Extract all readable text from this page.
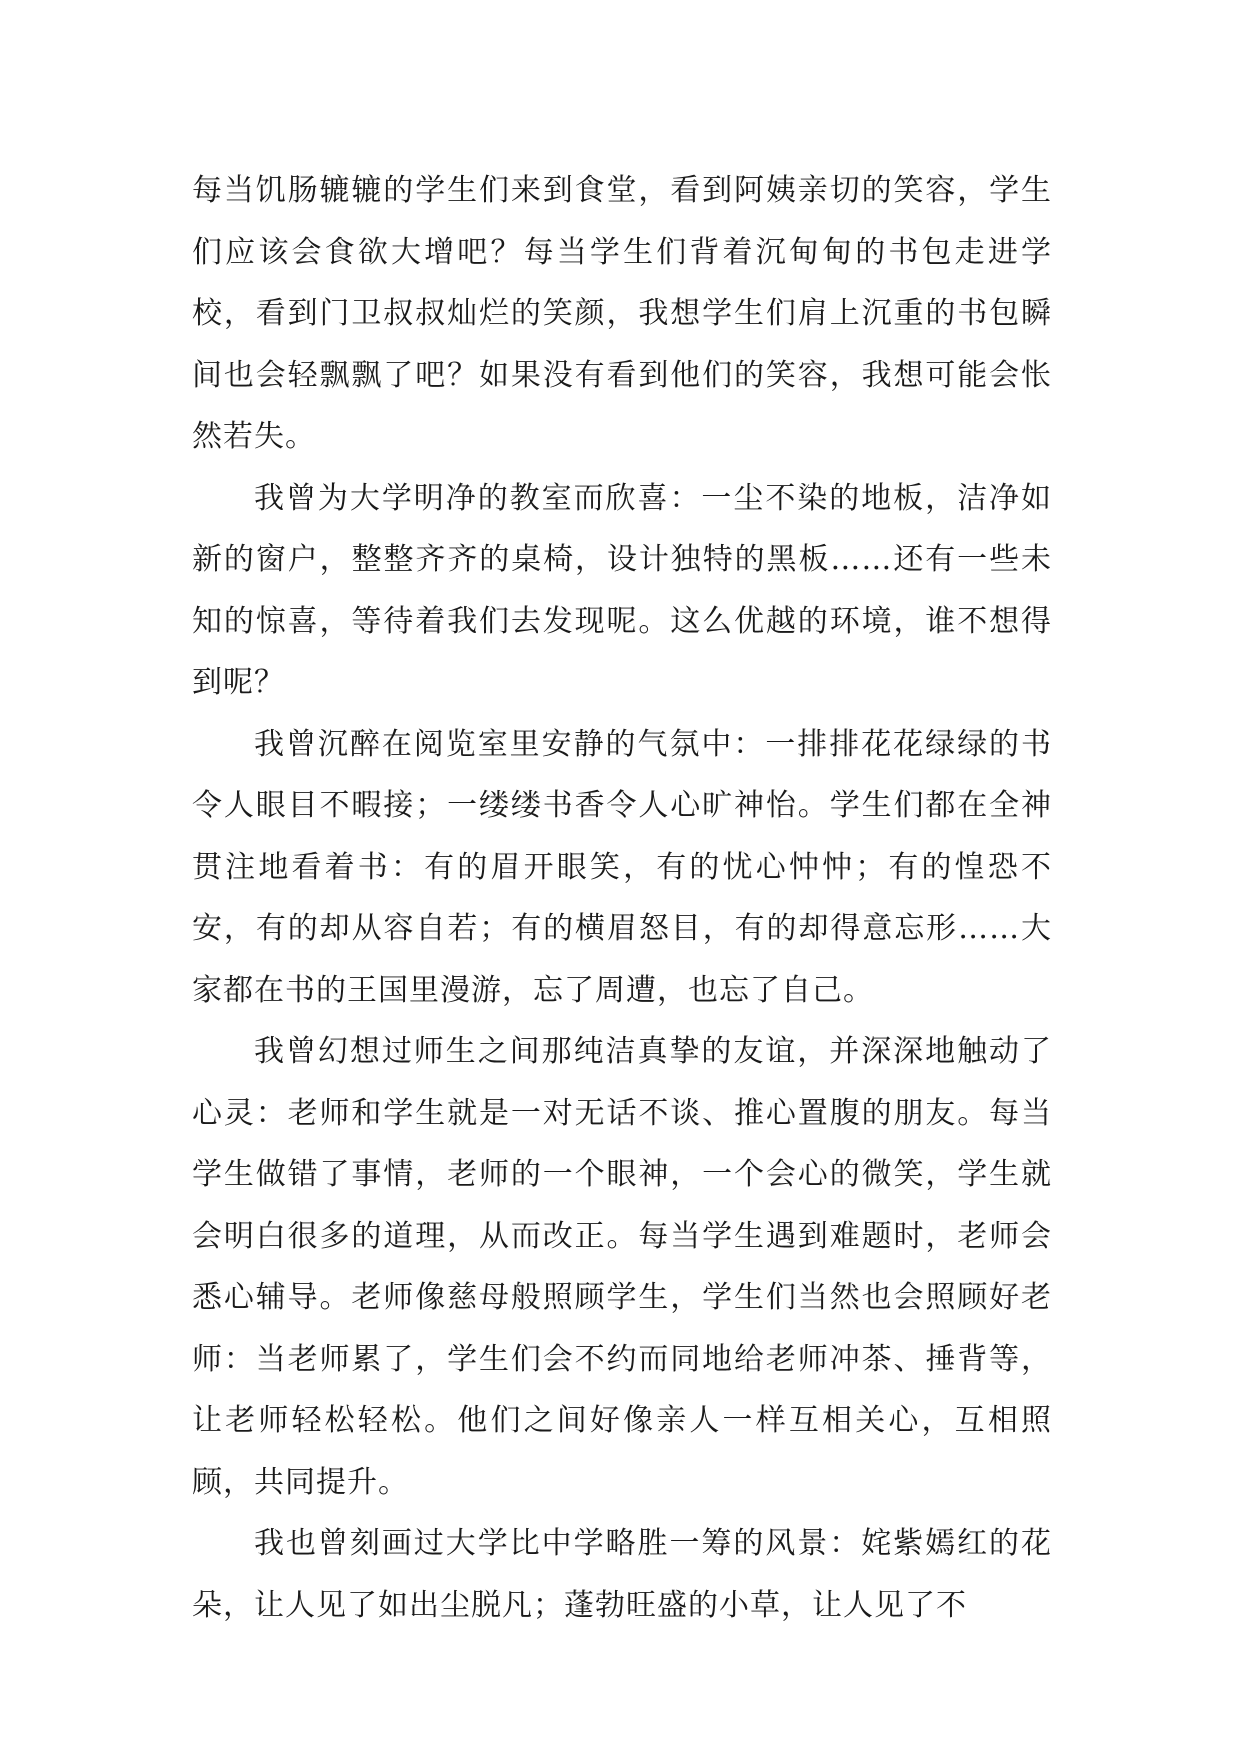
每当饥肠辘辘的学生们来到食堂，看到阿姨亲切的笑容，学生们应该会食欲大增吧？每当学生们背着沉甸甸的书包走进学校，看到门卫叔叔灿烂的笑颜，我想学生们肩上沉重的书包瞬间也会轻飘飘了吧？如果没有看到他们的笑容，我想可能会怅然若失。

我曾为大学明净的教室而欣喜：一尘不染的地板，洁净如新的窗户，整整齐齐的桌椅，设计独特的黑板……还有一些未知的惊喜，等待着我们去发现呢。这么优越的环境，谁不想得到呢？

我曾沉醉在阅览室里安静的气氛中：一排排花花绿绿的书令人眼目不暇接；一缕缕书香令人心旷神怡。学生们都在全神贯注地看着书：有的眉开眼笑，有的忧心忡忡；有的惶恐不安，有的却从容自若；有的横眉怒目，有的却得意忘形……大家都在书的王国里漫游，忘了周遭，也忘了自己。

我曾幻想过师生之间那纯洁真挚的友谊，并深深地触动了心灵：老师和学生就是一对无话不谈、推心置腹的朋友。每当学生做错了事情，老师的一个眼神，一个会心的微笑，学生就会明白很多的道理，从而改正。每当学生遇到难题时，老师会悉心辅导。老师像慈母般照顾学生，学生们当然也会照顾好老师：当老师累了，学生们会不约而同地给老师冲茶、捶背等，让老师轻松轻松。他们之间好像亲人一样互相关心，互相照顾，共同提升。

我也曾刻画过大学比中学略胜一筹的风景：姹紫嫣红的花朵，让人见了如出尘脱凡；蓬勃旺盛的小草，让人见了不
